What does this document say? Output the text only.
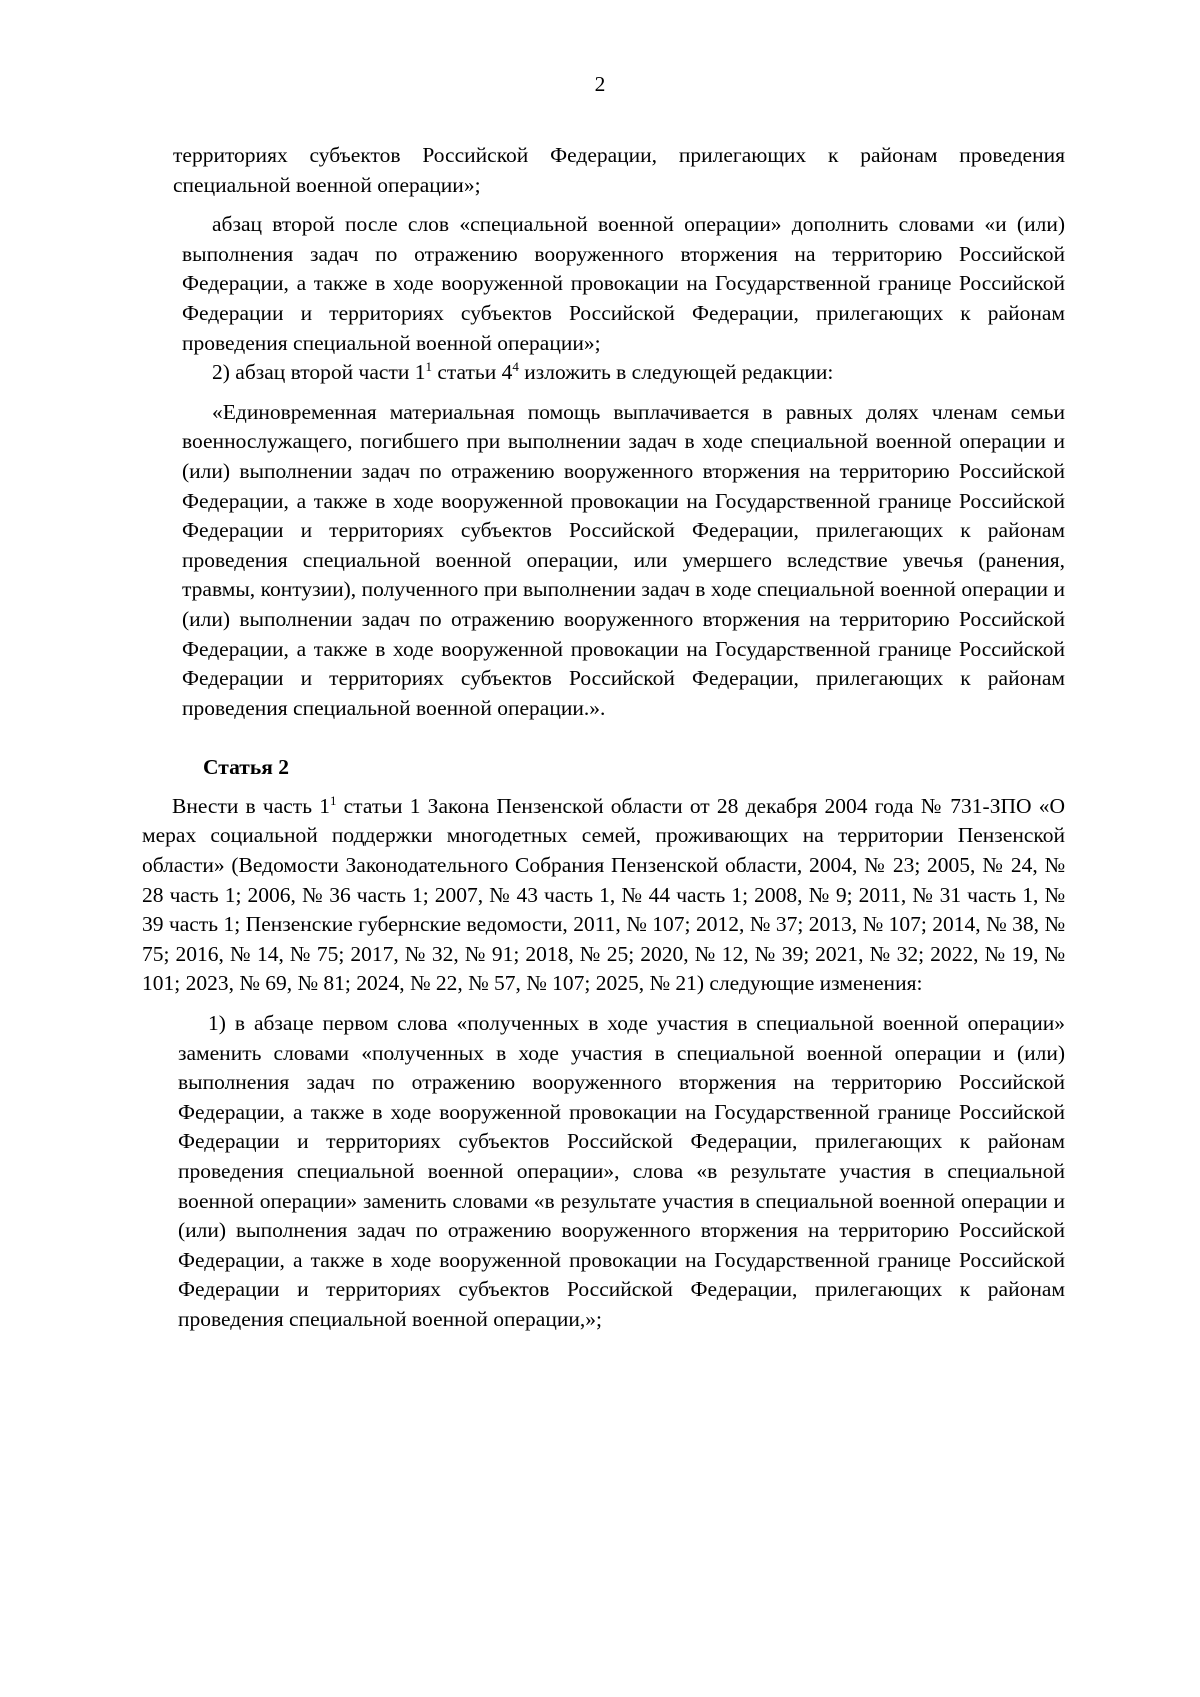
2

территориях субъектов Российской Федерации, прилегающих к районам проведения специальной военной операции»;

абзац второй после слов «специальной военной операции» дополнить словами «и (или) выполнения задач по отражению вооруженного вторжения на территорию Российской Федерации, а также в ходе вооруженной провокации на Государственной границе Российской Федерации и территориях субъектов Российской Федерации, прилегающих к районам проведения специальной военной операции»;

2) абзац второй части $1^1$ статьи $4^4$ изложить в следующей редакции:

«Единовременная материальная помощь выплачивается в равных долях членам семьи военнослужащего, погибшего при выполнении задач в ходе специальной военной операции и (или) выполнении задач по отражению вооруженного вторжения на территорию Российской Федерации, а также в ходе вооруженной провокации на Государственной границе Российской Федерации и территориях субъектов Российской Федерации, прилегающих к районам проведения специальной военной операции, или умершего вследствие увечья (ранения, травмы, контузии), полученного при выполнении задач в ходе специальной военной операции и (или) выполнении задач по отражению вооруженного вторжения на территорию Российской Федерации, а также в ходе вооруженной провокации на Государственной границе Российской Федерации и территориях субъектов Российской Федерации, прилегающих к районам проведения специальной военной операции.».

Статья 2

Внести в часть $1^1$ статьи 1 Закона Пензенской области от 28 декабря 2004 года № 731-ЗПО «О мерах социальной поддержки многодетных семей, проживающих на территории Пензенской области» (Ведомости Законодательного Собрания Пензенской области, 2004, № 23; 2005, № 24, № 28 часть 1; 2006, № 36 часть 1; 2007, № 43 часть 1, № 44 часть 1; 2008, № 9; 2011, № 31 часть 1, № 39 часть 1; Пензенские губернские ведомости, 2011, № 107; 2012, № 37; 2013, № 107; 2014, № 38, № 75; 2016, № 14, № 75; 2017, № 32, № 91; 2018, № 25; 2020, № 12, № 39; 2021, № 32; 2022, № 19, № 101; 2023, № 69, № 81; 2024, № 22, № 57, № 107; 2025, № 21) следующие изменения:

1) в абзаце первом слова «полученных в ходе участия в специальной военной операции» заменить словами «полученных в ходе участия в специальной военной операции и (или) выполнения задач по отражению вооруженного вторжения на территорию Российской Федерации, а также в ходе вооруженной провокации на Государственной границе Российской Федерации и территориях субъектов Российской Федерации, прилегающих к районам проведения специальной военной операции», слова «в результате участия в специальной военной операции» заменить словами «в результате участия в специальной военной операции и (или) выполнения задач по отражению вооруженного вторжения на территорию Российской Федерации, а также в ходе вооруженной провокации на Государственной границе Российской Федерации и территориях субъектов Российской Федерации, прилегающих к районам проведения специальной военной операции,»;
